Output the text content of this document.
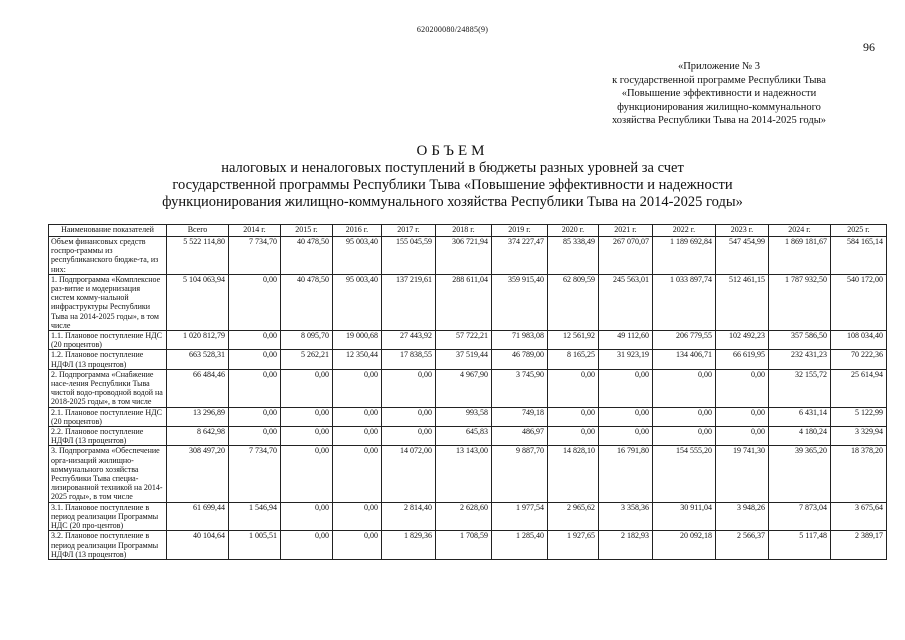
620200080/24885(9)
96
«Приложение № 3
к государственной программе Республики Тыва
«Повышение эффективности и надежности
функционирования жилищно-коммунального
хозяйства Республики Тыва на 2014-2025 годы»
ОБЪЕМ
налоговых и неналоговых поступлений в бюджеты разных уровней за счет
государственной программы Республики Тыва «Повышение эффективности и надежности
функционирования жилищно-коммунального хозяйства Республики Тыва на 2014-2025 годы»
Наименование показателей	Всего	2014 г.	2015 г.	2016 г.	2017 г.	2018 г.	2019 г.	2020 г.	2021 г.	2022 г.	2023 г.	2024 г.	2025 г.
Объем финансовых средств госпро-граммы из республиканского бюдже-та, из них:	5 522 114,80	7 734,70	40 478,50	95 003,40	155 045,59	306 721,94	374 227,47	85 338,49	267 070,07	1 189 692,84	547 454,99	1 869 181,67	584 165,14
1. Подпрограмма «Комплексное раз-витие и модернизация систем комму-нальной инфраструктуры Республики Тыва на 2014-2025 годы», в том числе	5 104 063,94	0,00	40 478,50	95 003,40	137 219,61	288 611,04	359 915,40	62 809,59	245 563,01	1 033 897,74	512 461,15	1 787 932,50	540 172,00
1.1. Плановое поступление НДС (20 процентов)	1 020 812,79	0,00	8 095,70	19 000,68	27 443,92	57 722,21	71 983,08	12 561,92	49 112,60	206 779,55	102 492,23	357 586,50	108 034,40
1.2. Плановое поступление НДФЛ (13 процентов)	663 528,31	0,00	5 262,21	12 350,44	17 838,55	37 519,44	46 789,00	8 165,25	31 923,19	134 406,71	66 619,95	232 431,23	70 222,36
2. Подпрограмма «Снабжение насе-ления Республики Тыва чистой водо-проводной водой на 2018-2025 годы», в том числе	66 484,46	0,00	0,00	0,00	0,00	4 967,90	3 745,90	0,00	0,00	0,00	0,00	32 155,72	25 614,94
2.1. Плановое поступление НДС (20 процентов)	13 296,89	0,00	0,00	0,00	0,00	993,58	749,18	0,00	0,00	0,00	0,00	6 431,14	5 122,99
2.2. Плановое поступление НДФЛ (13 процентов)	8 642,98	0,00	0,00	0,00	0,00	645,83	486,97	0,00	0,00	0,00	0,00	4 180,24	3 329,94
3. Подпрограмма «Обеспечение орга-низаций жилищно-коммунального хозяйства Республики Тыва специа-лизированной техникой на 2014-2025 годы», в том числе	308 497,20	7 734,70	0,00	0,00	14 072,00	13 143,00	9 887,70	14 828,10	16 791,80	154 555,20	19 741,30	39 365,20	18 378,20
3.1. Плановое поступление в период реализации Программы НДС (20 про-центов)	61 699,44	1 546,94	0,00	0,00	2 814,40	2 628,60	1 977,54	2 965,62	3 358,36	30 911,04	3 948,26	7 873,04	3 675,64
3.2. Плановое поступление в период реализации Программы НДФЛ (13 процентов)	40 104,64	1 005,51	0,00	0,00	1 829,36	1 708,59	1 285,40	1 927,65	2 182,93	20 092,18	2 566,37	5 117,48	2 389,17
